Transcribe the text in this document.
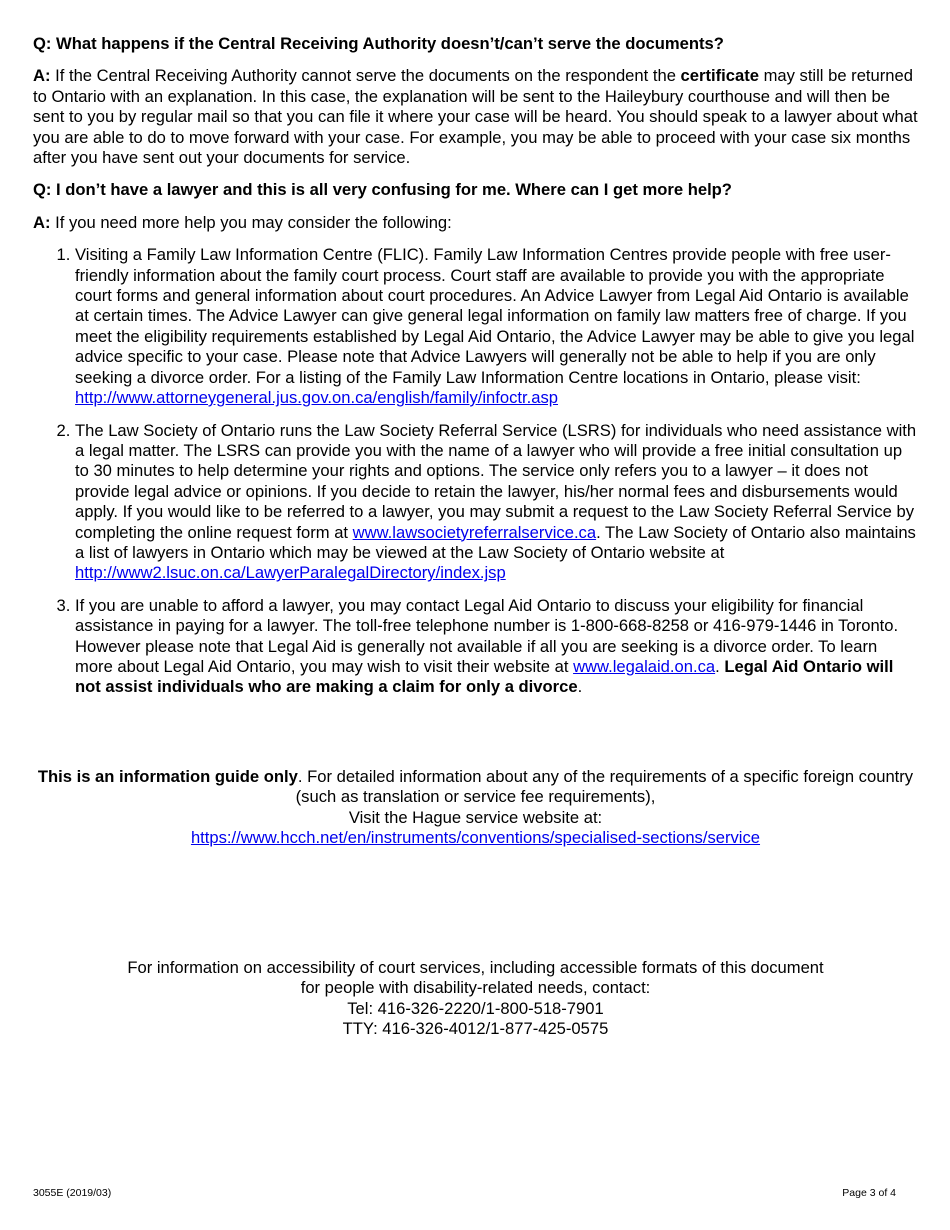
Q: What happens if the Central Receiving Authority doesn’t/can’t serve the documents?

A: If the Central Receiving Authority cannot serve the documents on the respondent the certificate may still be returned to Ontario with an explanation. In this case, the explanation will be sent to the Haileybury courthouse and will then be sent to you by regular mail so that you can file it where your case will be heard. You should speak to a lawyer about what you are able to do to move forward with your case. For example, you may be able to proceed with your case six months after you have sent out your documents for service.

Q: I don’t have a lawyer and this is all very confusing for me. Where can I get more help?

A: If you need more help you may consider the following:

1. Visiting a Family Law Information Centre (FLIC). Family Law Information Centres provide people with free user-friendly information about the family court process. Court staff are available to provide you with the appropriate court forms and general information about court procedures. An Advice Lawyer from Legal Aid Ontario is available at certain times. The Advice Lawyer can give general legal information on family law matters free of charge. If you meet the eligibility requirements established by Legal Aid Ontario, the Advice Lawyer may be able to give you legal advice specific to your case. Please note that Advice Lawyers will generally not be able to help if you are only seeking a divorce order. For a listing of the Family Law Information Centre locations in Ontario, please visit: http://www.attorneygeneral.jus.gov.on.ca/english/family/infoctr.asp
2. The Law Society of Ontario runs the Law Society Referral Service (LSRS) for individuals who need assistance with a legal matter. The LSRS can provide you with the name of a lawyer who will provide a free initial consultation up to 30 minutes to help determine your rights and options. The service only refers you to a lawyer – it does not provide legal advice or opinions. If you decide to retain the lawyer, his/her normal fees and disbursements would apply. If you would like to be referred to a lawyer, you may submit a request to the Law Society Referral Service by completing the online request form at www.lawsocietyreferralservice.ca. The Law Society of Ontario also maintains a list of lawyers in Ontario which may be viewed at the Law Society of Ontario website at http://www2.lsuc.on.ca/LawyerParalegalDirectory/index.jsp
3. If you are unable to afford a lawyer, you may contact Legal Aid Ontario to discuss your eligibility for financial assistance in paying for a lawyer. The toll-free telephone number is 1-800-668-8258 or 416-979-1446 in Toronto. However please note that Legal Aid is generally not available if all you are seeking is a divorce order. To learn more about Legal Aid Ontario, you may wish to visit their website at www.legalaid.on.ca. Legal Aid Ontario will not assist individuals who are making a claim for only a divorce.
This is an information guide only. For detailed information about any of the requirements of a specific foreign country (such as translation or service fee requirements),
Visit the Hague service website at:
https://www.hcch.net/en/instruments/conventions/specialised-sections/service
For information on accessibility of court services, including accessible formats of this document
for people with disability-related needs, contact:
Tel: 416-326-2220/1-800-518-7901
TTY: 416-326-4012/1-877-425-0575
3055E (2019/03)	Page 3 of 4
